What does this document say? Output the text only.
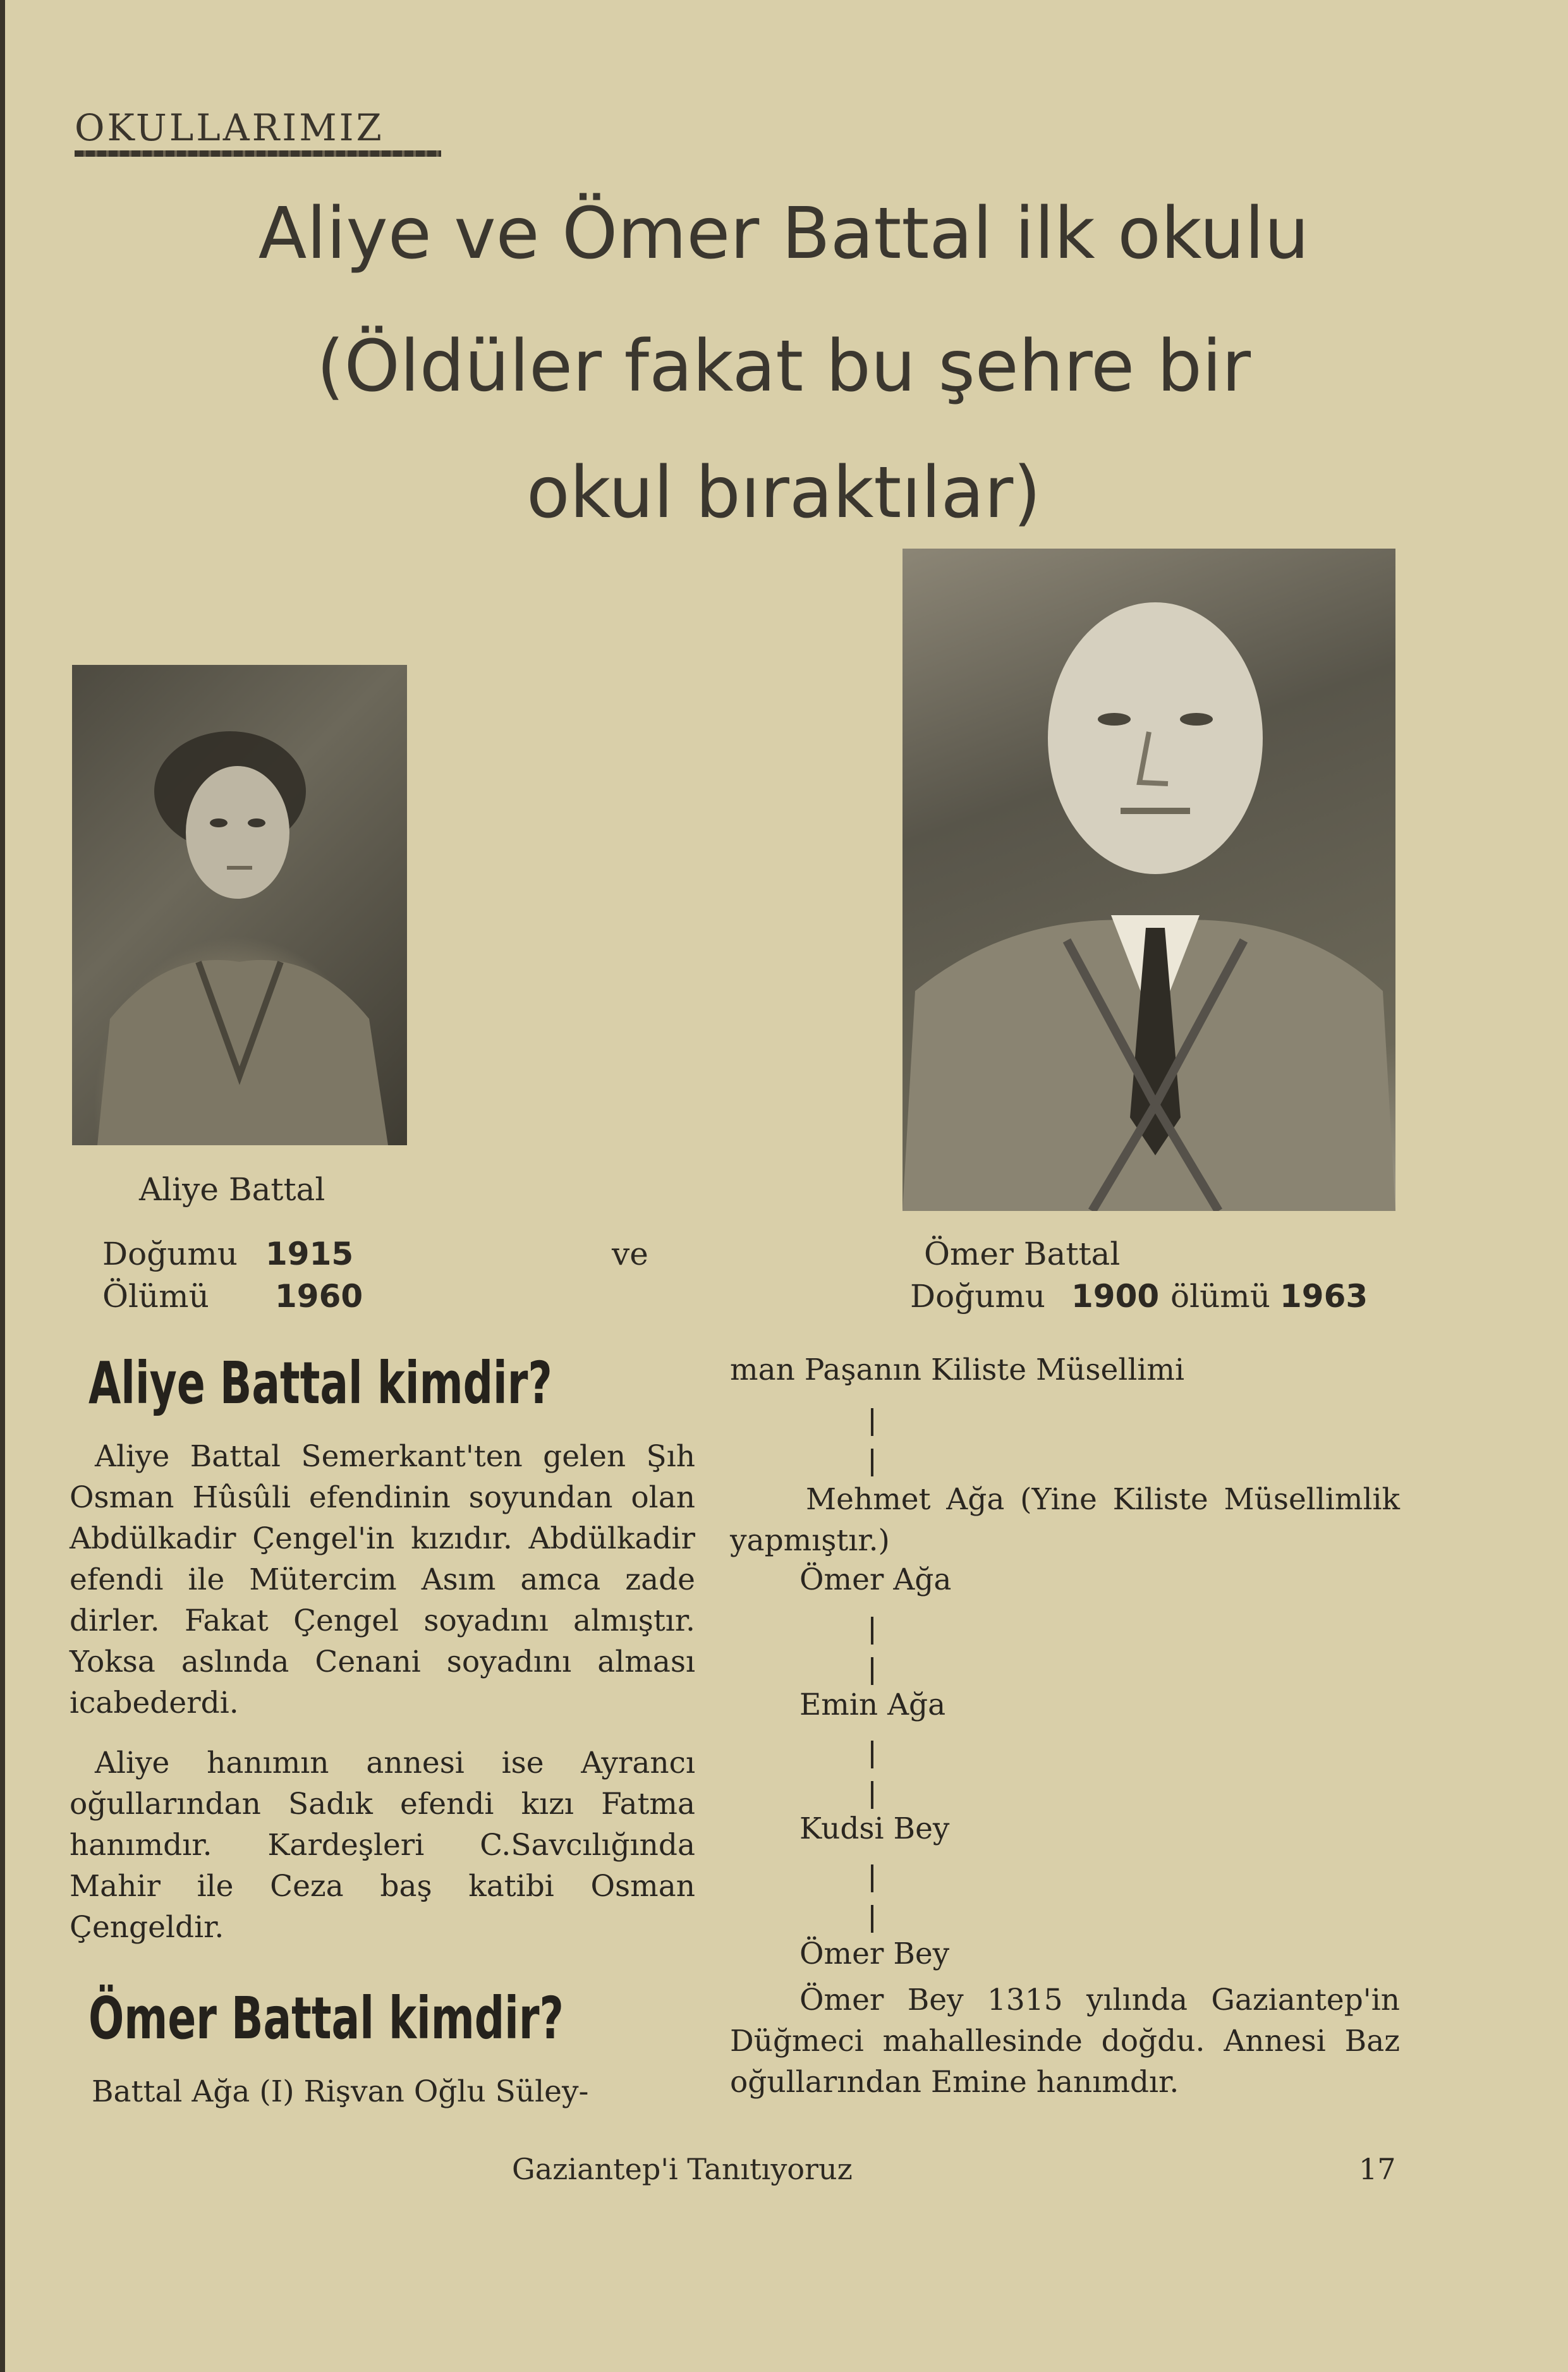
OKULLARIMIZ
Aliye ve Ömer Battal ilk okulu
(Öldüler fakat bu şehre bir
okul bıraktılar)
Aliye Battal
Doğumu 1915
Ölümü 1960
ve	Ömer Battal
Doğumu 1900 ölümü 1963
Aliye Battal kimdir?

Aliye Battal Semerkant'ten gelen Şıh Osman Hûsûli efendinin soyundan olan Abdülkadir Çengel'in kızıdır. Abdülkadir efendi ile Mütercim Asım amca zade dirler. Fakat Çengel soyadını almıştır. Yoksa aslında Cenani soyadını alması icabederdi.

Aliye hanımın annesi ise Ayrancı oğullarından Sadık efendi kızı Fatma hanımdır. Kardeşleri C.Savcılığında Mahir ile Ceza baş katibi Osman Çengeldir.

Ömer Battal kimdir?
Battal Ağa (I) Rişvan Oğlu Süley-
man Paşanın Kiliste Müsellimi
Mehmet Ağa (Yine Kiliste Müsellimlik yapmıştır.)
Ömer Ağa
Emin Ağa
Kudsi Bey
Ömer Bey
Ömer Bey 1315 yılında Gaziantep'in Düğmeci mahallesinde doğdu. Annesi Baz oğullarından Emine hanımdır.
Gaziantep'i Tanıtıyoruz	17
